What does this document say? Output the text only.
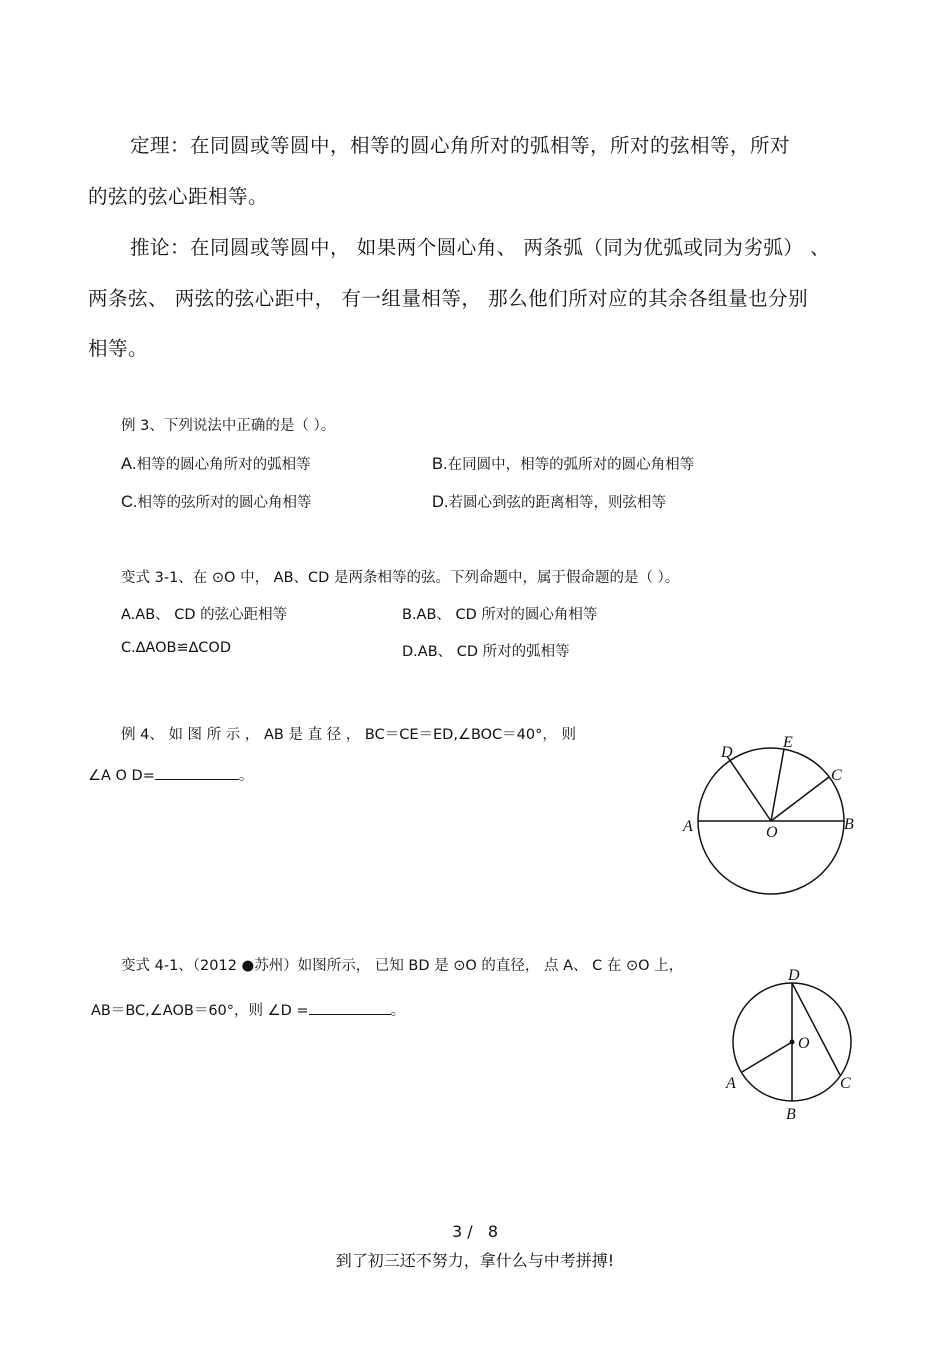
定理：在同圆或等圆中，相等的圆心角所对的弧相等，所对的弦相等，所对
的弦的弦心距相等。
推论：在同圆或等圆中， 如果两个圆心角、 两条弧（同为优弧或同为劣弧） 、
两条弦、 两弦的弦心距中， 有一组量相等， 那么他们所对应的其余各组量也分别
相等。
例 3、下列说法中正确的是（ ）。
A.相等的圆心角所对的弧相等	B.在同圆中，相等的弧所对的圆心角相等
C.相等的弦所对的圆心角相等	D.若圆心到弦的距离相等，则弦相等
变式 3-1、在 ⊙O 中， AB、CD 是两条相等的弦。下列命题中，属于假命题的是（ ）。
A.AB、 CD 的弦心距相等	B.AB、 CD 所对的圆心角相等
C.∆AOB≌∆COD	D.AB、 CD 所对的弧相等
例 4、 如 图 所 示 ， AB 是 直 径 ， BC＝CE＝ED,∠BOC＝40°， 则
∠A O D=	。
A	B
C
D
E
O
变式 4-1、（2012 ●苏州）如图所示， 已知 BD 是 ⊙O 的直径， 点 A、 C 在 ⊙O 上，
AB＝BC,∠AOB＝60°，则 ∠D =	。
D
O
A	C
B
3 /   8
到了初三还不努力，拿什么与中考拼搏!
